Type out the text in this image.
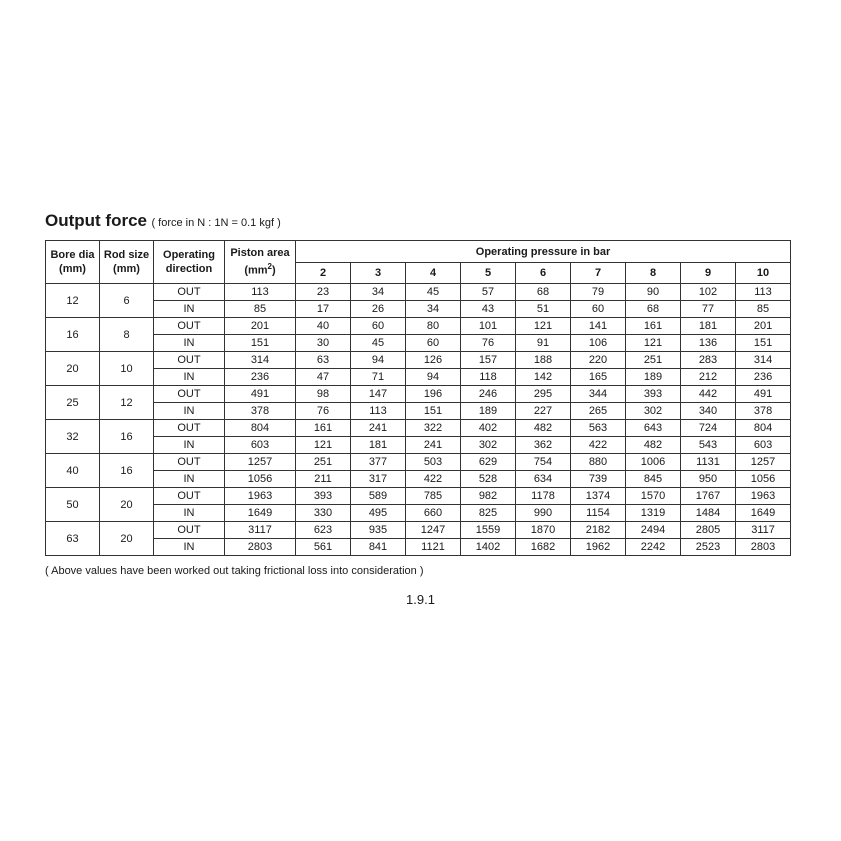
Output force ( force in N : 1N = 0.1 kgf )
Bore dia (mm)	Rod size (mm)	Operating direction	Piston area $(mm^2)$	Operating pressure in bar								
				2	3	4	5	6	7	8	9	10
12	6	OUT	113	23	34	45	57	68	79	90	102	113
		IN	85	17	26	34	43	51	60	68	77	85
16	8	OUT	201	40	60	80	101	121	141	161	181	201
		IN	151	30	45	60	76	91	106	121	136	151
20	10	OUT	314	63	94	126	157	188	220	251	283	314
		IN	236	47	71	94	118	142	165	189	212	236
25	12	OUT	491	98	147	196	246	295	344	393	442	491
		IN	378	76	113	151	189	227	265	302	340	378
32	16	OUT	804	161	241	322	402	482	563	643	724	804
		IN	603	121	181	241	302	362	422	482	543	603
40	16	OUT	1257	251	377	503	629	754	880	1006	1131	1257
		IN	1056	211	317	422	528	634	739	845	950	1056
50	20	OUT	1963	393	589	785	982	1178	1374	1570	1767	1963
		IN	1649	330	495	660	825	990	1154	1319	1484	1649
63	20	OUT	3117	623	935	1247	1559	1870	2182	2494	2805	3117
		IN	2803	561	841	1121	1402	1682	1962	2242	2523	2803
( Above values have been worked out taking frictional loss into consideration )
1.9.1
